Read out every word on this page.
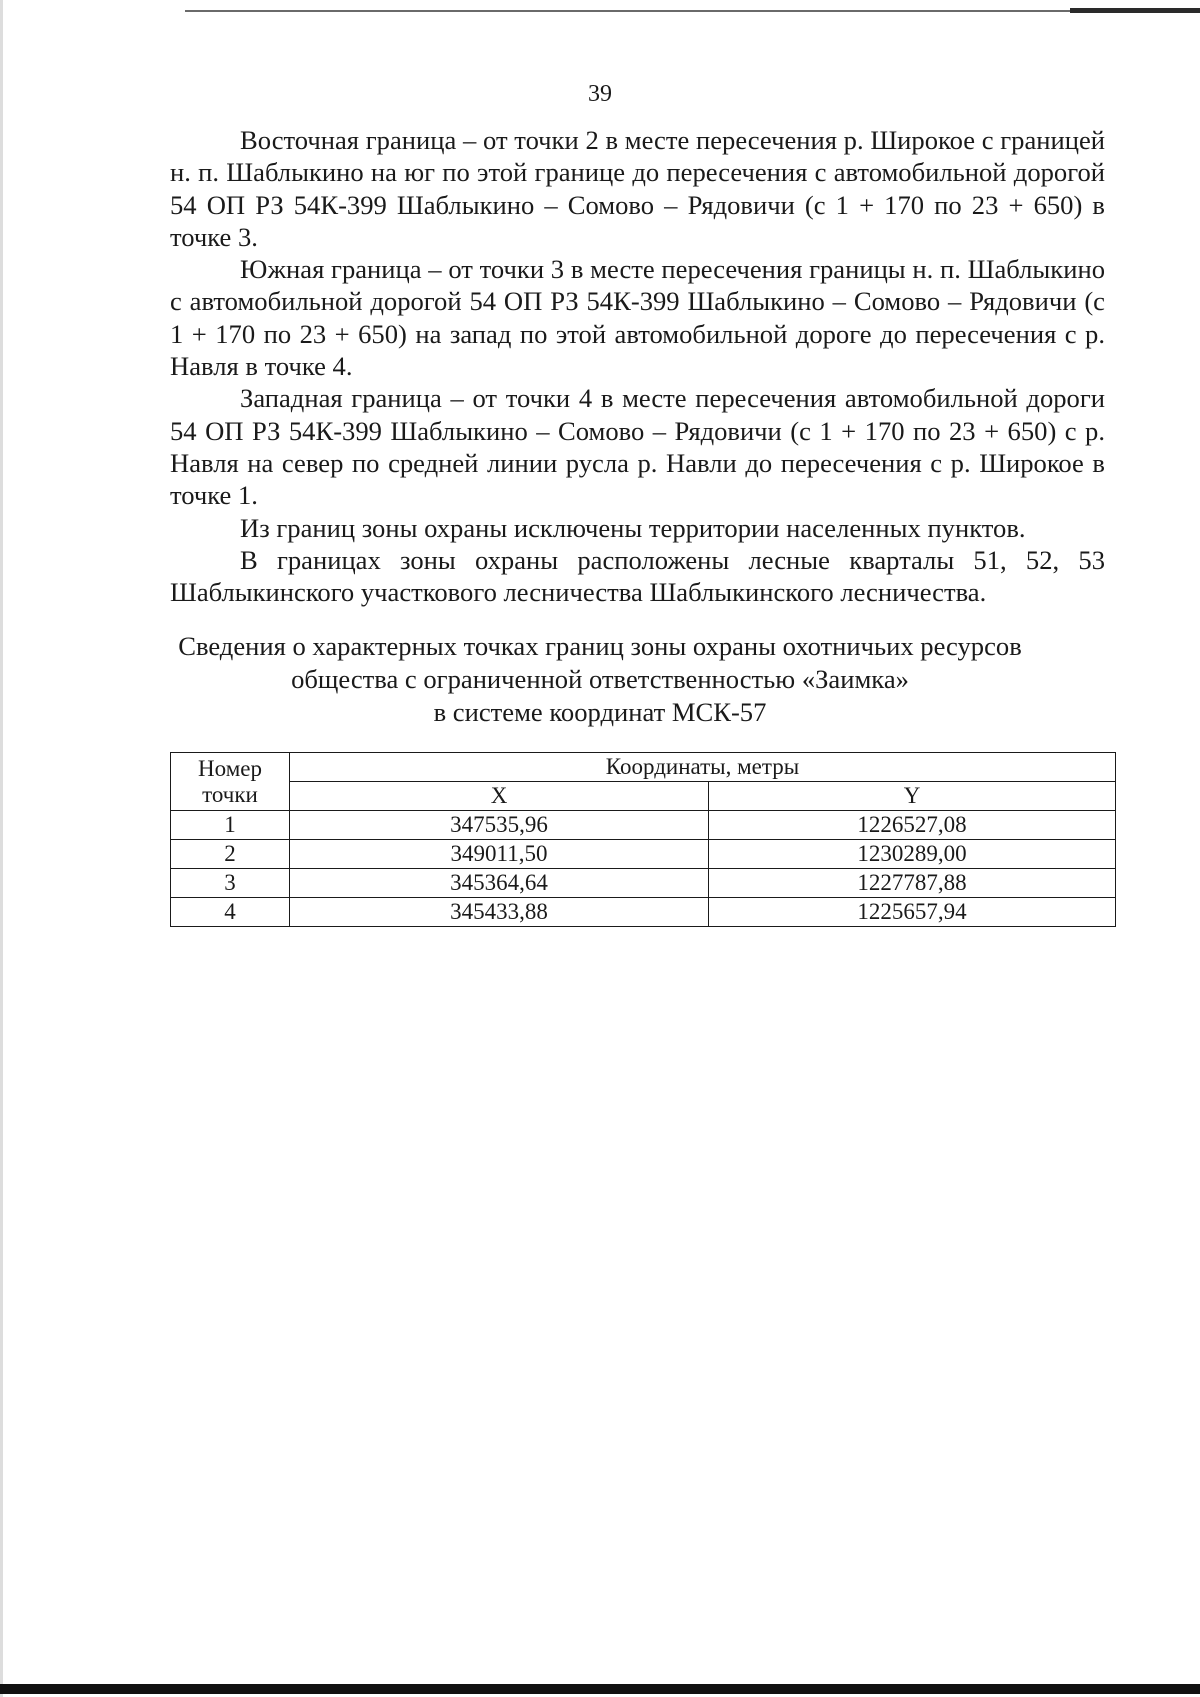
39

Восточная граница – от точки 2 в месте пересечения р. Широкое с границей н. п. Шаблыкино на юг по этой границе до пересечения с автомобильной дорогой 54 ОП РЗ 54К-399 Шаблыкино – Сомово – Рядовичи (с 1 + 170 по 23 + 650) в точке 3.

Южная граница – от точки 3 в месте пересечения границы н. п. Шаблыкино с автомобильной дорогой 54 ОП РЗ 54К-399 Шаблыкино – Сомово – Рядовичи (с 1 + 170 по 23 + 650) на запад по этой автомобильной дороге до пересечения с р. Навля в точке 4.

Западная граница – от точки 4 в месте пересечения автомобильной дороги 54 ОП РЗ 54К-399 Шаблыкино – Сомово – Рядовичи (с 1 + 170 по 23 + 650) с р. Навля на север по средней линии русла р. Навли до пересечения с р. Широкое в точке 1.

Из границ зоны охраны исключены территории населенных пунктов.

В границах зоны охраны расположены лесные кварталы 51, 52, 53 Шаблыкинского участкового лесничества Шаблыкинского лесничества.

Сведения о характерных точках границ зоны охраны охотничьих ресурсов
общества с ограниченной ответственностью «Заимка»
в системе координат МСК-57
Номер
точки	Координаты, метры	
	X	Y
1	347535,96	1226527,08
2	349011,50	1230289,00
3	345364,64	1227787,88
4	345433,88	1225657,94
